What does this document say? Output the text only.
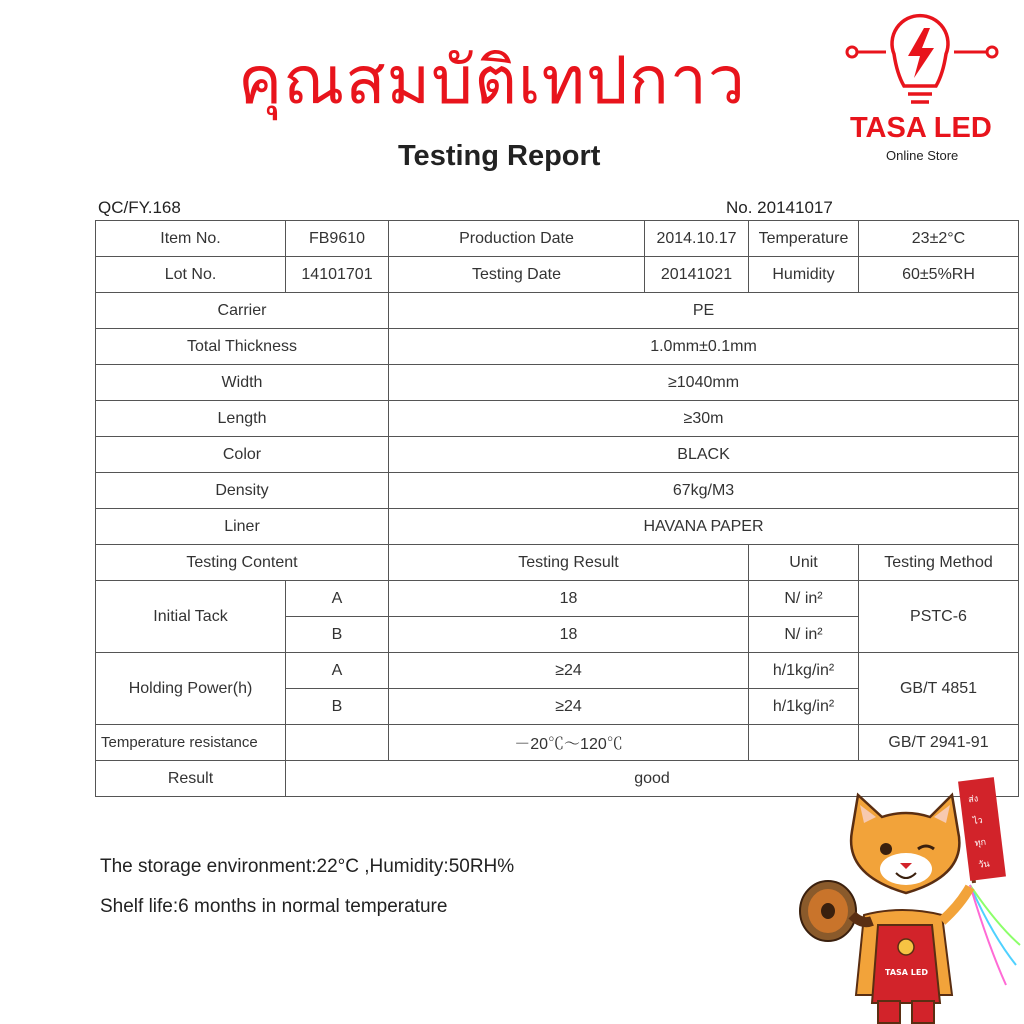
คุณสมบัติเทปกาว
TASA LED
Online Store
Testing Report
QC/FY.168	No. 20141017
Item No.	FB9610	Production Date	2014.10.17	Temperature	23±2°C
Lot No.	14101701	Testing Date	20141021	Humidity	60±5%RH
Carrier		PE			
Total Thickness		1.0mm±0.1mm			
Width		≥1040mm			
Length		≥30m			
Color		BLACK			
Density		67kg/M3			
Liner		HAVANA PAPER			
Testing Content		Testing Result		Unit	Testing Method
Initial Tack	A	18		N/ in²	PSTC-6
	B	18		N/ in²	
Holding Power(h)	A	≥24		h/1kg/in²	GB/T 4851
	B	≥24		h/1kg/in²	
Temperature resistance		－20℃～120℃			GB/T 2941-91
Result	good				
The storage environment:22°C ,Humidity:50RH%
Shelf life:6 months in normal temperature
ส่ง
ไว
ทุก
วัน
TASA LED
